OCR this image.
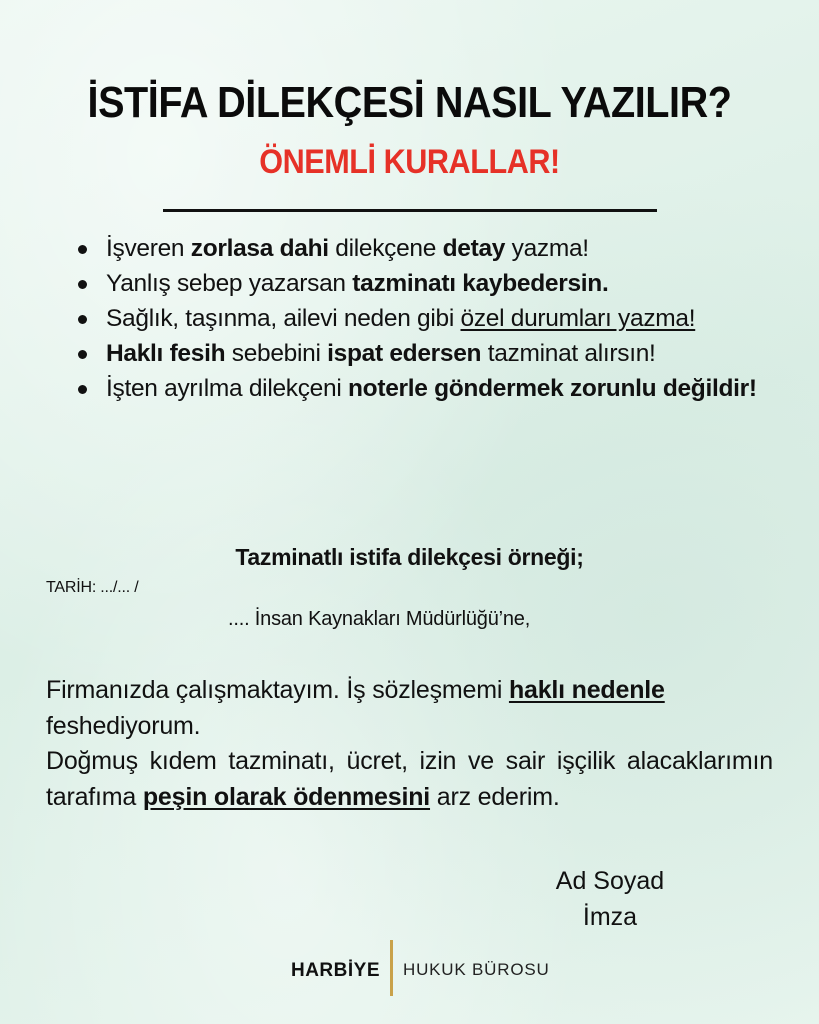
İSTİFA DİLEKÇESİ NASIL YAZILIR?
ÖNEMLİ KURALLAR!
İşveren zorlasa dahi dilekçene detay yazma!
Yanlış sebep yazarsan tazminatı kaybedersin.
Sağlık, taşınma, ailevi neden gibi özel durumları yazma!
Haklı fesih sebebini ispat edersen tazminat alırsın!
İşten ayrılma dilekçeni noterle göndermek zorunlu değildir!
Tazminatlı istifa dilekçesi örneği;
TARİH: .../... /
.... İnsan Kaynakları Müdürlüğü’ne,

Firmanızda çalışmaktayım. İş sözleşmemi haklı nedenle feshediyorum.

Doğmuş kıdem tazminatı, ücret, izin ve sair işçilik alacaklarımın tarafıma peşin olarak ödenmesini arz ederim.

Ad Soyad
İmza
HARBİYE HUKUK BÜROSU
